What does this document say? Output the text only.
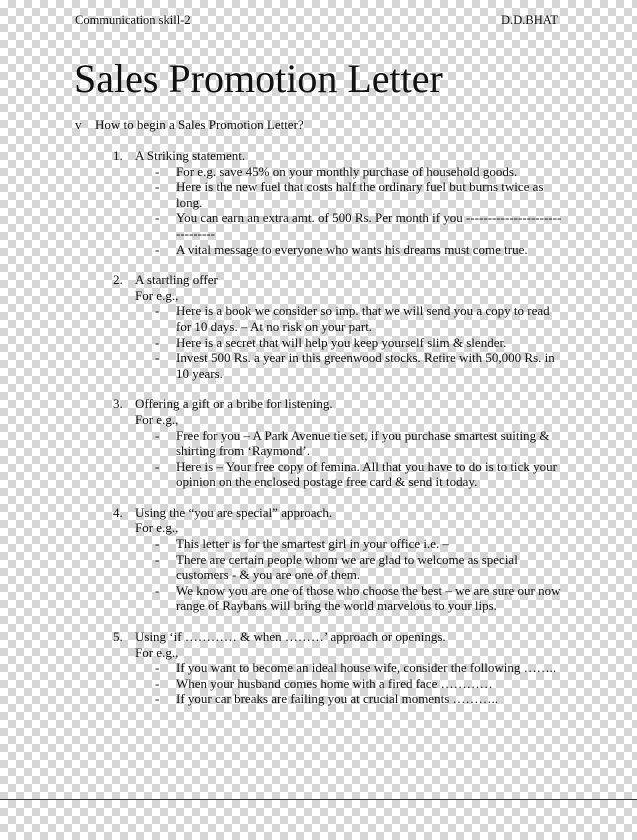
Communication skill-2	D.D.BHAT
Sales Promotion Letter
v How to begin a Sales Promotion Letter?
1. A Striking statement.
-	For e.g. save 45% on your monthly purchase of household goods.
-	Here is the new fuel that costs half the ordinary fuel but burns twice as long.
-	You can earn an extra amt. of 500 Rs. Per month if you -------------------------------
-	A vital message to everyone who wants his dreams must come true.
2. A startling offer
For e.g.,
-	Here is a book we consider so imp. that we will send you a copy to read for 10 days. – At no risk on your part.
-	Here is a secret that will help you keep yourself slim & slender.
-	Invest 500 Rs. a year in this greenwood stocks. Retire with 50,000 Rs. in 10 years.
3. Offering a gift or a bribe for listening.
For e.g.,
-	Free for you – A Park Avenue tie set, if you purchase smartest suiting & shirting from ‘Raymond’.
-	Here is – Your free copy of femina. All that you have to do is to tick your opinion on the enclosed postage free card & send it today.
4. Using the “you are special” approach.
For e.g.,
-	This letter is for the smartest girl in your office i.e. –
-	There are certain people whom we are glad to welcome as special customers - & you are one of them.
-	We know you are one of those who choose the best – we are sure our now range of Raybans will bring the world marvelous to your lips.
5. Using ‘if ………… & when ………’ approach or openings.
For e.g.,
-	If you want to become an ideal house wife, consider the following ……..
-	When your husband comes home with a fired face …………
-	If your car breaks are failing you at crucial moments ………..
